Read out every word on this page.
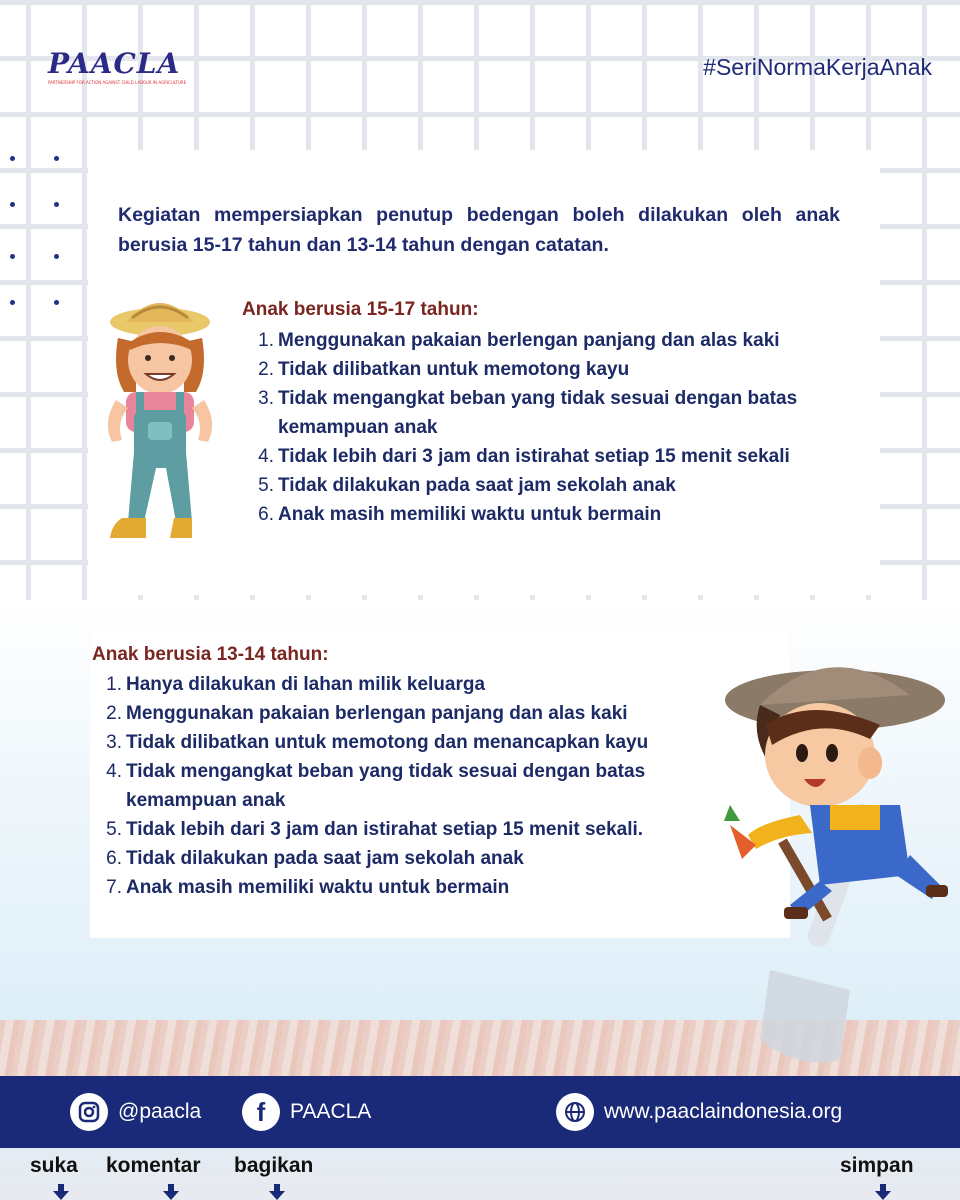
PAACLA
PARTNERSHIP FOR ACTION AGAINST CHILD LABOUR IN AGRICULTURE
#SeriNormaKerjaAnak
Kegiatan mempersiapkan penutup bedengan boleh dilakukan oleh anak berusia 15-17 tahun dan 13-14 tahun dengan catatan.
Anak berusia 15-17 tahun:
1. Menggunakan pakaian berlengan panjang dan alas kaki
2. Tidak dilibatkan untuk memotong kayu
3. Tidak mengangkat beban yang tidak sesuai dengan batas kemampuan anak
4. Tidak lebih dari 3 jam dan istirahat setiap 15 menit sekali
5. Tidak dilakukan pada saat jam sekolah anak
6. Anak masih memiliki waktu untuk bermain
Anak berusia 13-14 tahun:
1. Hanya dilakukan di lahan milik keluarga
2. Menggunakan pakaian berlengan panjang dan alas kaki
3. Tidak dilibatkan untuk memotong dan menancapkan kayu
4. Tidak mengangkat beban yang tidak sesuai dengan batas kemampuan anak
5. Tidak lebih dari 3 jam dan istirahat setiap 15 menit sekali.
6. Tidak dilakukan pada saat jam sekolah anak
7. Anak masih memiliki waktu untuk bermain
@paacla f PAACLA	www.paaclaindonesia.org
suka komentar bagikan	simpan
